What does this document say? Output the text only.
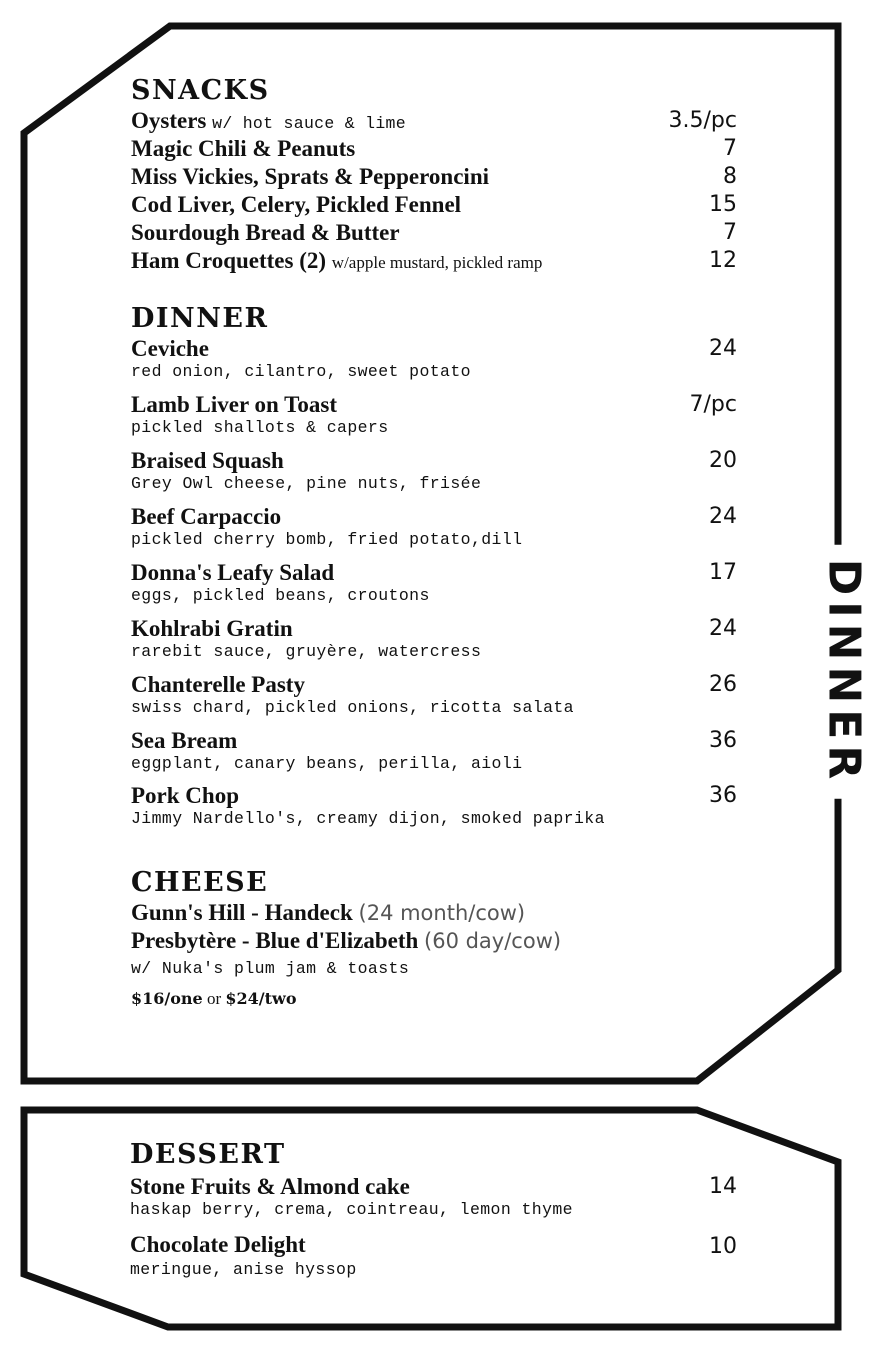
DINNER
SNACKS
Oysters w/ hot sauce & lime	3.5/pc
Magic Chili & Peanuts	7
Miss Vickies, Sprats & Pepperoncini	8
Cod Liver, Celery, Pickled Fennel	15
Sourdough Bread & Butter	7
Ham Croquettes (2) w/apple mustard, pickled ramp	12
DINNER
Ceviche	24
red onion, cilantro, sweet potato
Lamb Liver on Toast	7/pc
pickled shallots & capers
Braised Squash	20
Grey Owl cheese, pine nuts, frisée
Beef Carpaccio	24
pickled cherry bomb, fried potato,dill
Donna's Leafy Salad	17
eggs, pickled beans, croutons
Kohlrabi Gratin	24
rarebit sauce, gruyère, watercress
Chanterelle Pasty	26
swiss chard, pickled onions, ricotta salata
Sea Bream	36
eggplant, canary beans, perilla, aioli
Pork Chop	36
Jimmy Nardello's, creamy dijon, smoked paprika
CHEESE
Gunn's Hill - Handeck (24 month/cow)
Presbytère - Blue d'Elizabeth (60 day/cow)
w/ Nuka's plum jam & toasts
$16/one or $24/two
DESSERT
Stone Fruits & Almond cake	14
haskap berry, crema, cointreau, lemon thyme
Chocolate Delight	10
meringue, anise hyssop
